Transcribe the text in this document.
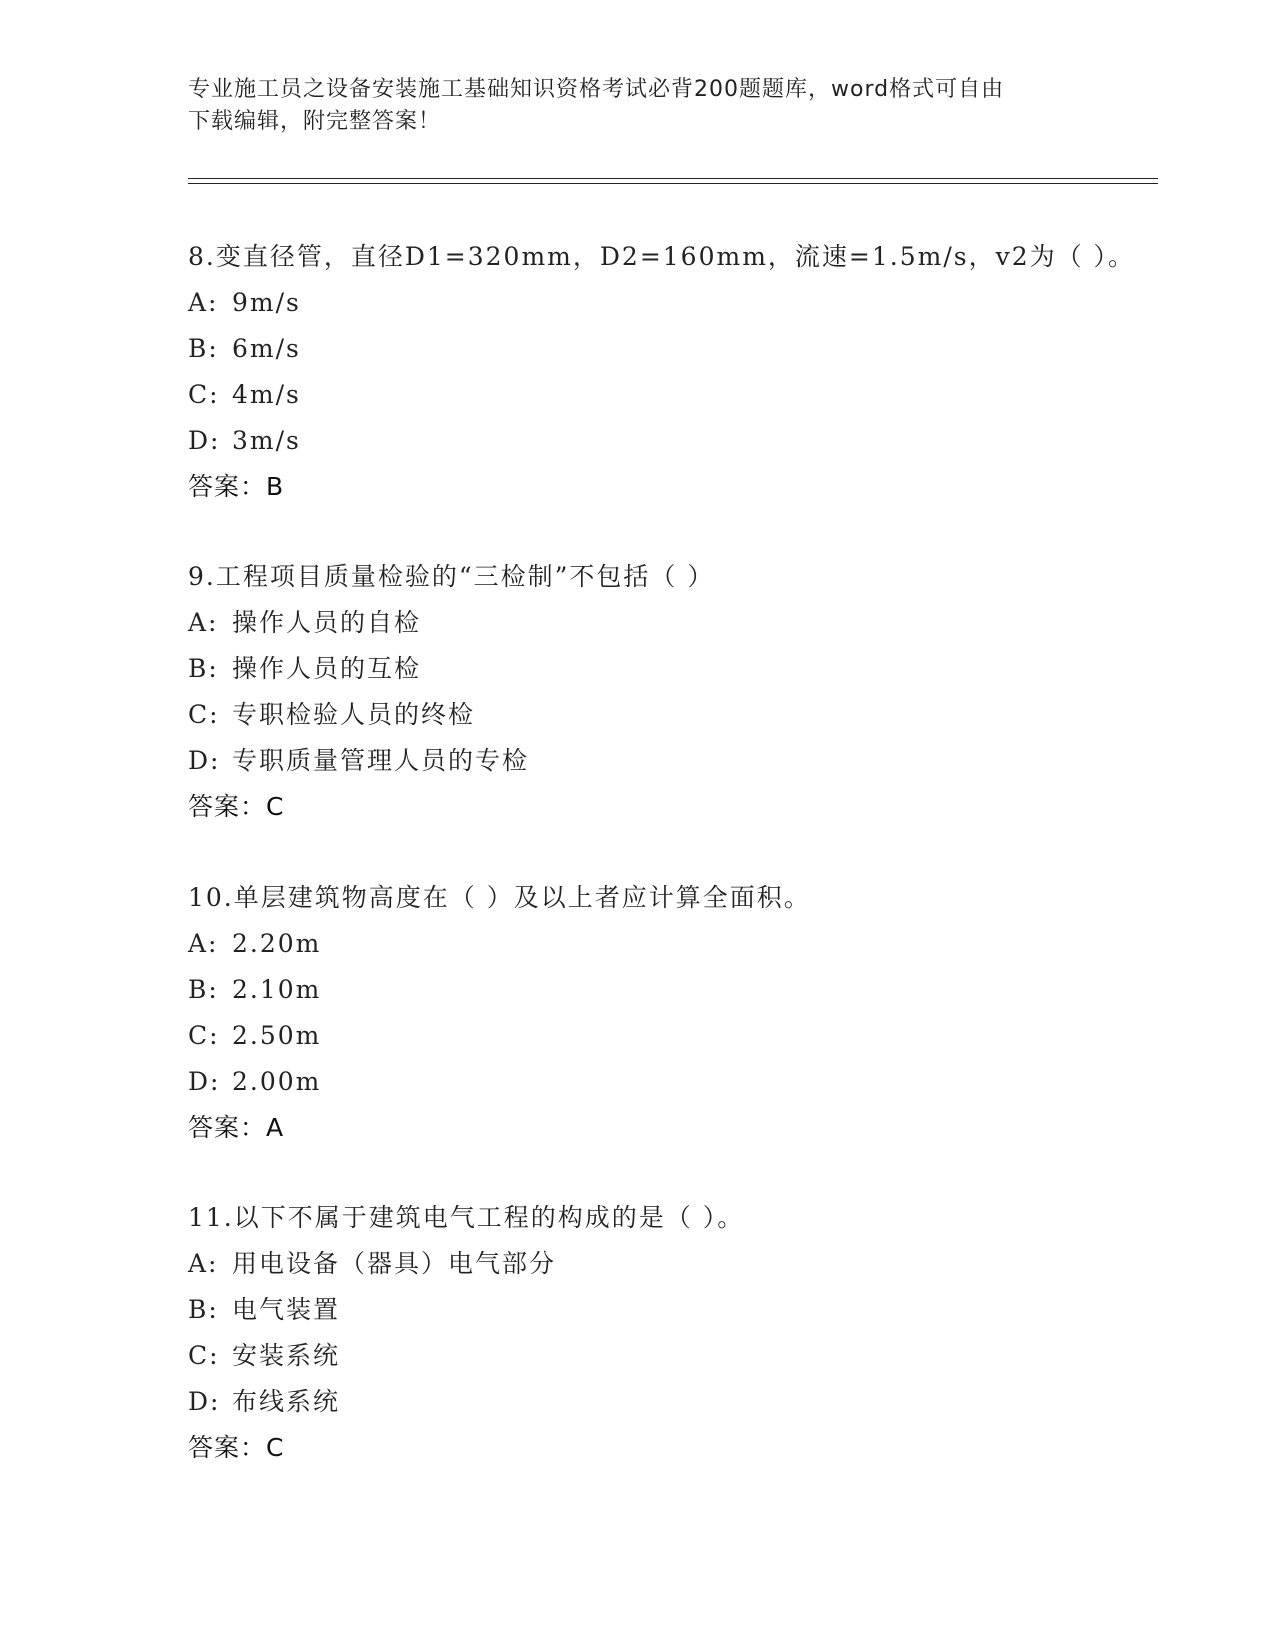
专业施工员之设备安装施工基础知识资格考试必背200题题库，word格式可自由
下载编辑，附完整答案！
8.变直径管，直径D1=320mm，D2=160mm，流速=1.5m/s，v2为（ ）。
A: 9m/s
B: 6m/s
C: 4m/s
D: 3m/s
答案：B
9.工程项目质量检验的“三检制”不包括（ ）
A: 操作人员的自检
B: 操作人员的互检
C: 专职检验人员的终检
D: 专职质量管理人员的专检
答案：C
10.单层建筑物高度在（ ）及以上者应计算全面积。
A: 2.20m
B: 2.10m
C: 2.50m
D: 2.00m
答案：A
11.以下不属于建筑电气工程的构成的是（ ）。
A: 用电设备（器具）电气部分
B: 电气装置
C: 安装系统
D: 布线系统
答案：C
